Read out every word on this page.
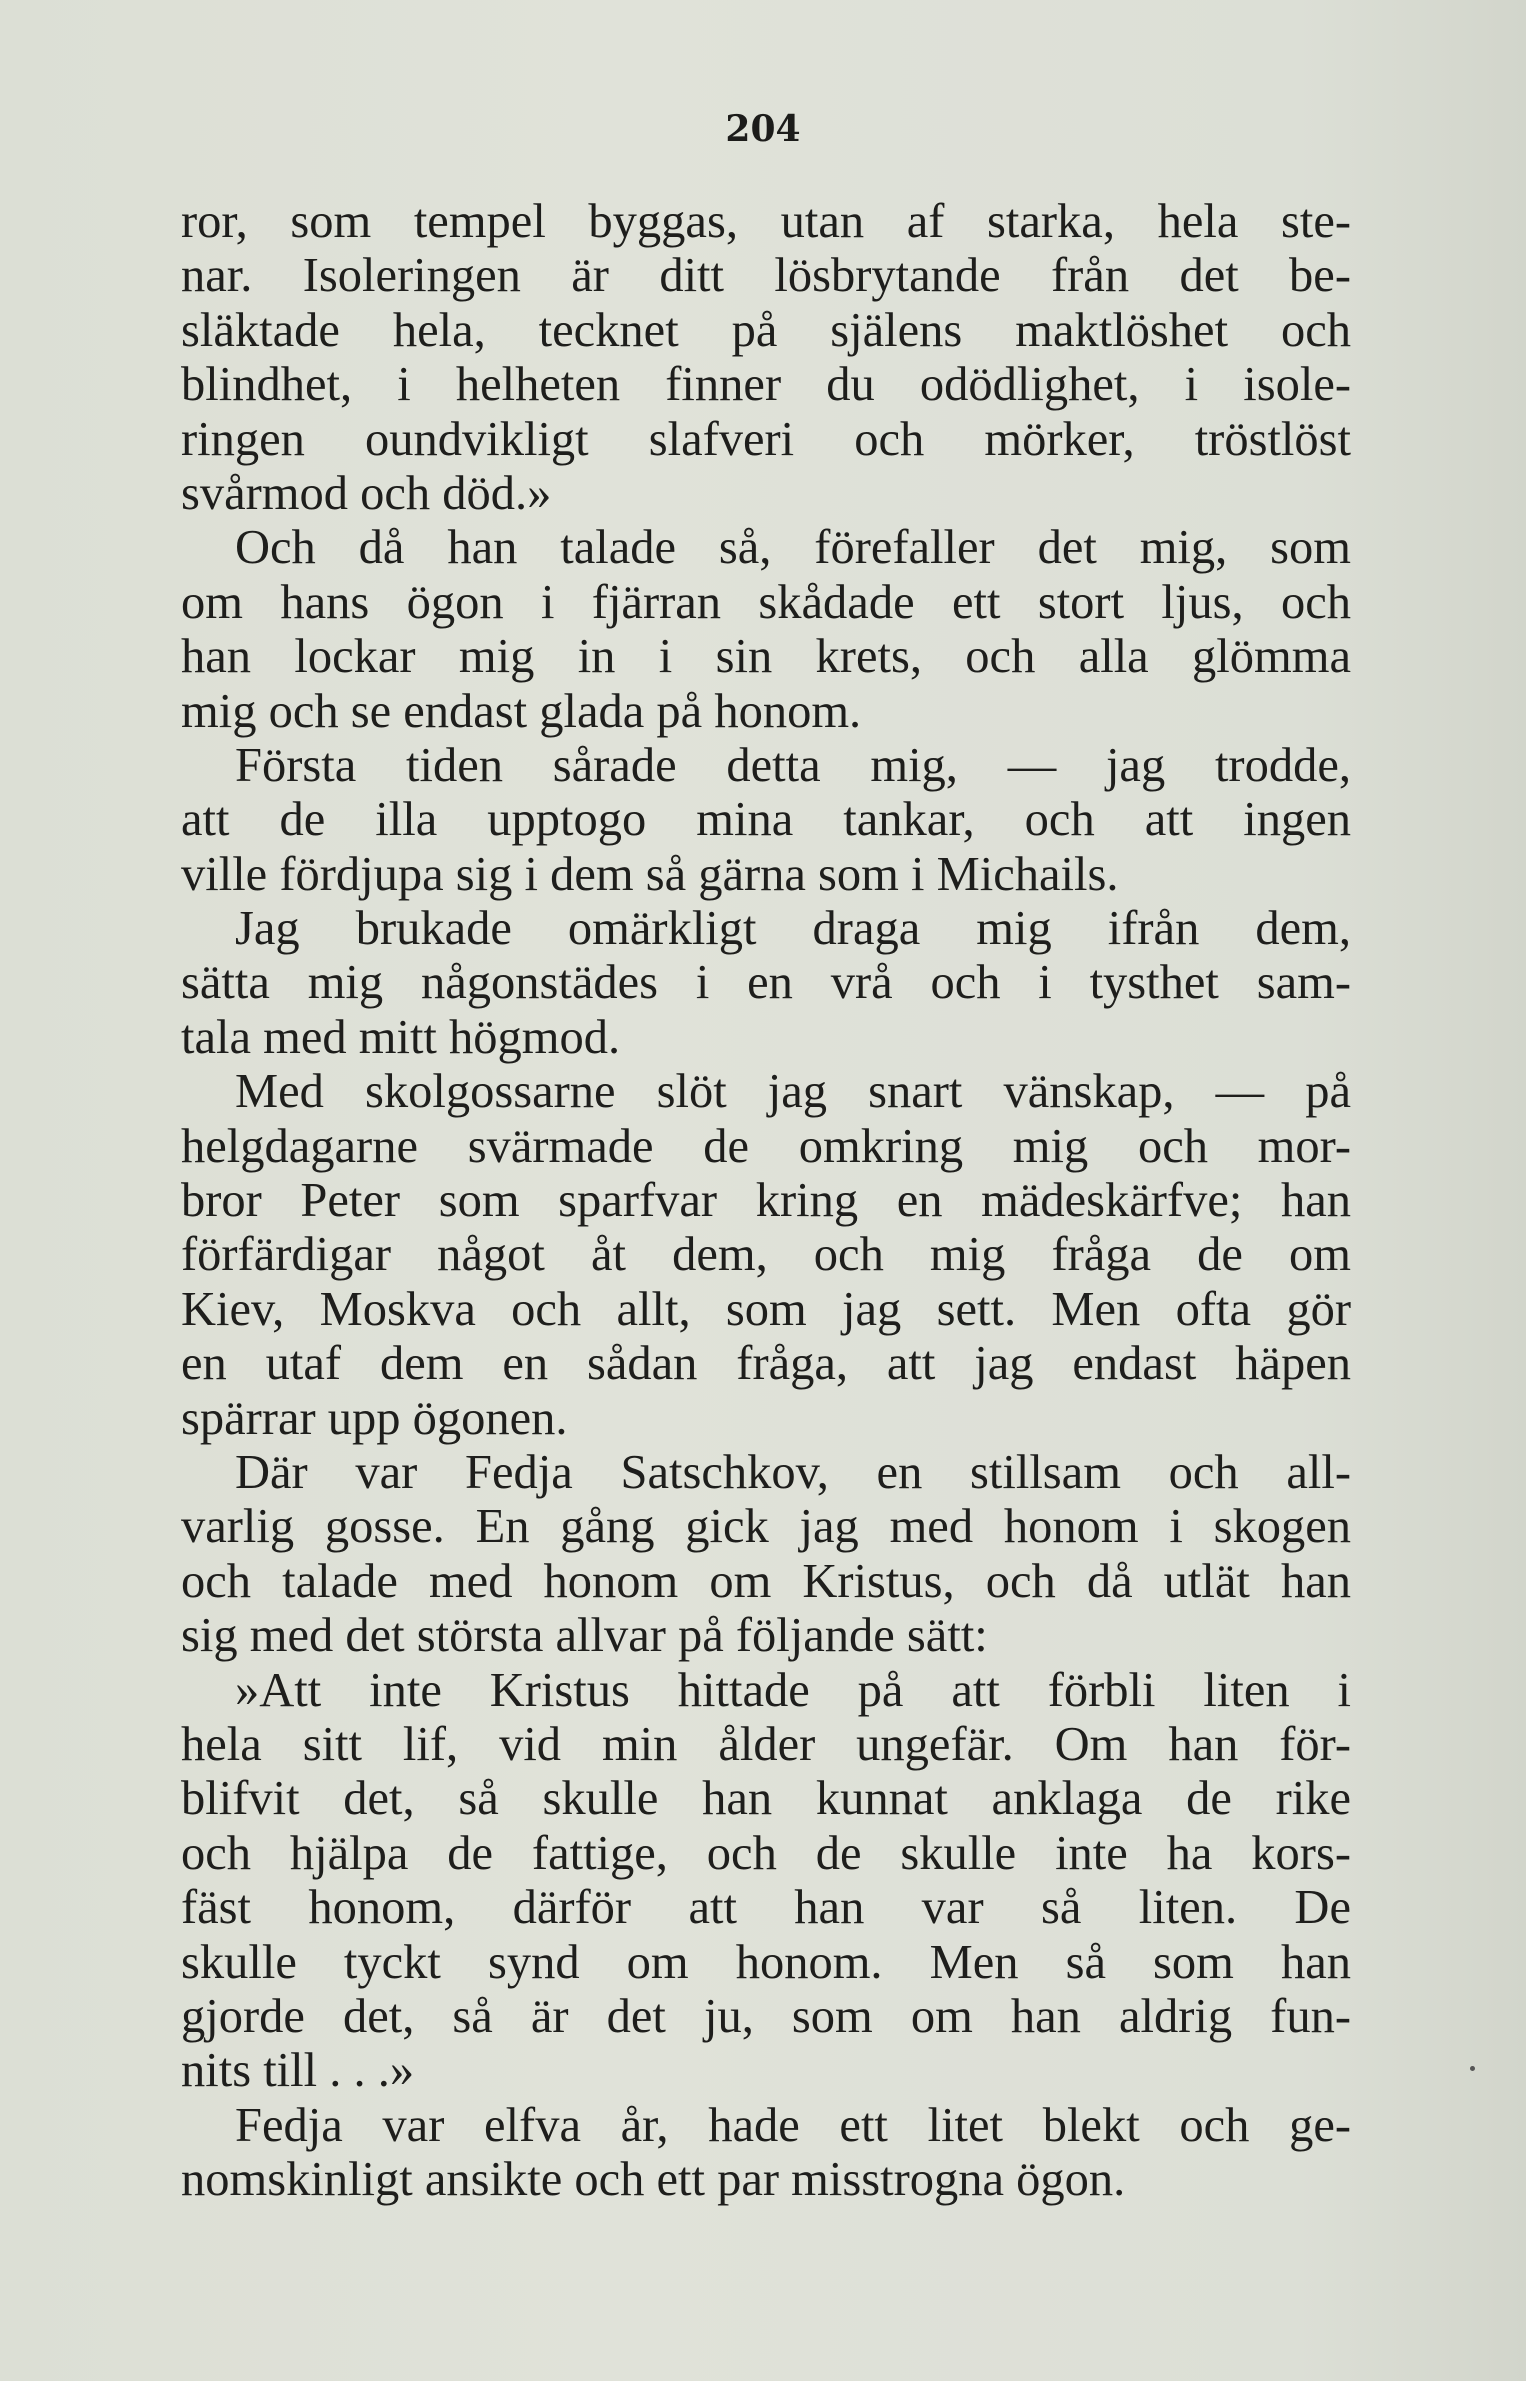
204
ror, som tempel byggas, utan af starka, hela ste-
nar. Isoleringen är ditt lösbrytande från det be-
släktade hela, tecknet på själens maktlöshet och
blindhet, i helheten finner du odödlighet, i isole-
ringen oundvikligt slafveri och mörker, tröstlöst
svårmod och död.»
Och då han talade så, förefaller det mig, som
om hans ögon i fjärran skådade ett stort ljus, och
han lockar mig in i sin krets, och alla glömma
mig och se endast glada på honom.
Första tiden sårade detta mig, — jag trodde,
att de illa upptogo mina tankar, och att ingen
ville fördjupa sig i dem så gärna som i Michails.
Jag brukade omärkligt draga mig ifrån dem,
sätta mig någonstädes i en vrå och i tysthet sam-
tala med mitt högmod.
Med skolgossarne slöt jag snart vänskap, — på
helgdagarne svärmade de omkring mig och mor-
bror Peter som sparfvar kring en mädeskärfve; han
förfärdigar något åt dem, och mig fråga de om
Kiev, Moskva och allt, som jag sett. Men ofta gör
en utaf dem en sådan fråga, att jag endast häpen
spärrar upp ögonen.
Där var Fedja Satschkov, en stillsam och all-
varlig gosse. En gång gick jag med honom i skogen
och talade med honom om Kristus, och då utlät han
sig med det största allvar på följande sätt:
»Att inte Kristus hittade på att förbli liten i
hela sitt lif, vid min ålder ungefär. Om han för-
blifvit det, så skulle han kunnat anklaga de rike
och hjälpa de fattige, och de skulle inte ha kors-
fäst honom, därför att han var så liten. De
skulle tyckt synd om honom. Men så som han
gjorde det, så är det ju, som om han aldrig fun-
nits till . . .»
Fedja var elfva år, hade ett litet blekt och ge-
nomskinligt ansikte och ett par misstrogna ögon.
